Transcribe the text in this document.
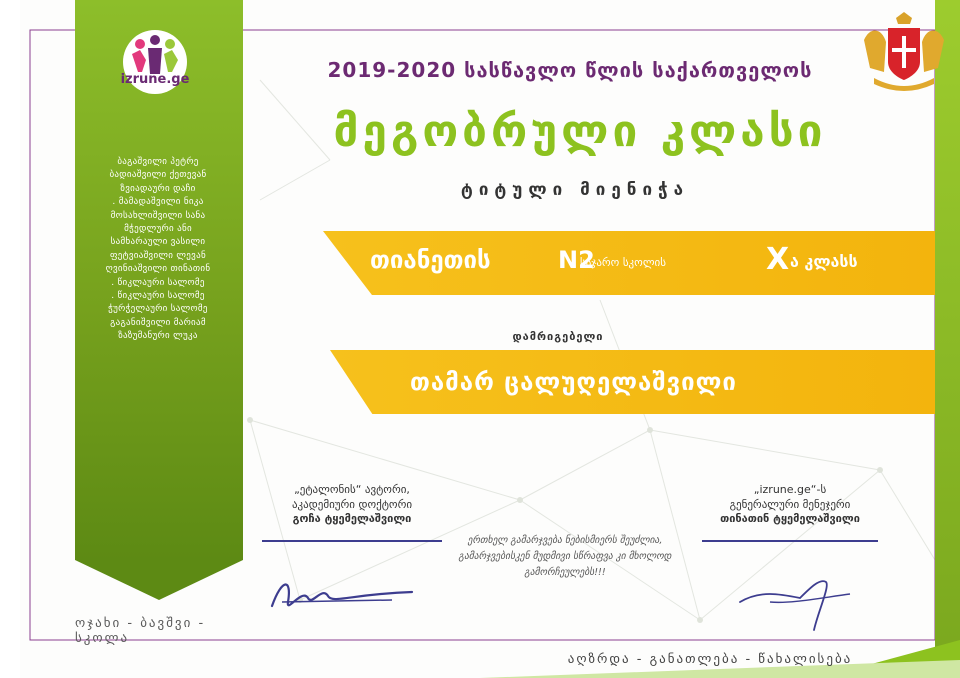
izrune.ge
ბაგაშვილი პეტრე
ბადიაშვილი ქეთევან
ზვიადაური დაჩი
. მამადაშვილი ნიკა
მოსახლიშვილი სანა
მჭედლური ანი
სამხარაული ვასილი
ფეტვიაშვილი ლევან
ღვინიაშვილი თინათინ
. წიკლაური სალომე
. წიკლაური სალომე
ჭურჭელაური სალომე
გაგანიშვილი მარიამ
ზაზუმანური ლუკა
ოჯახი - ბავშვი - სკოლა
2019-2020 სასწავლო წლის საქართველოს
მეგობრული კლასი
ტიტული მიენიჭა
თიანეთის	N2
საჯარო სკოლის	X ა კლასს
დამრიგებელი
თამარ ცალუღელაშვილი
„ეტალონის“ ავტორი,
აკადემიური დოქტორი
გოჩა ტყემელაშვილი
„izrune.ge“-ს
გენერალური მენეჯერი
თინათინ ტყემელაშვილი
ერთხელ გამარჯვება ნებისმიერს შეუძლია,
გამარჯვებისკენ მუდმივი სწრაფვა კი მხოლოდ გამორჩეულებს!!!
აღზრდა - განათლება - წახალისება
